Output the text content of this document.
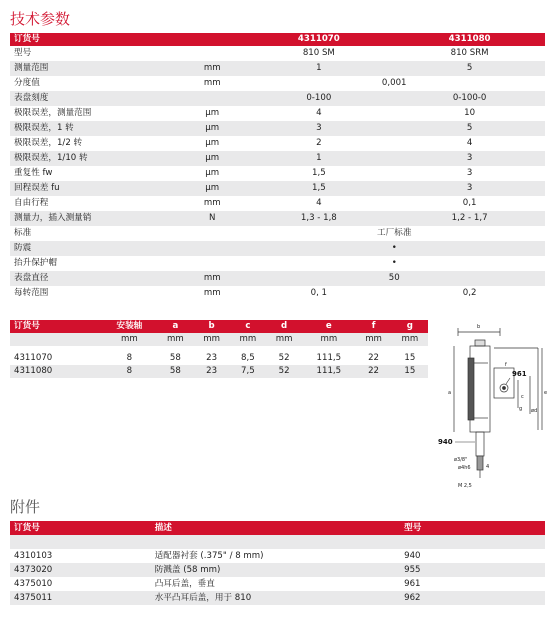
技术参数
订货号		4311070	4311080
型号		810 SM	810 SRM
测量范围	mm	1	5
分度值	mm	0,001	
表盘刻度		0-100	0-100-0
极限误差，测量范围	µm	4	10
极限误差，1 转	µm	3	5
极限误差，1/2 转	µm	2	4
极限误差，1/10 转	µm	1	3
重复性 fw	µm	1,5	3
回程误差 fu	µm	1,5	3
自由行程	mm	4	0,1
测量力，插入测量销	N	1,3 - 1,8	1,2 - 1,7
标准		工厂标准	
防震		•	
抬升保护帽		•	
表盘直径	mm	50	
每转范围	mm	0, 1	0,2
订货号	安装轴	a	b	c	d	e	f	g
	mm	mm	mm	mm	mm	mm	mm	mm

4311070	8	58	23	8,5	52	111,5	22	15
4311080	8	58	23	7,5	52	111,5	22	15
b
f
a
c
e
ød
g
ø3/8"
ø4h6	4
M 2,5
961
940
附件
订货号	描述	型号

4310103	适配器衬套 (.375" / 8 mm)	940
4373020	防溅盖 (58 mm)	955
4375010	凸耳后盖，垂直	961
4375011	水平凸耳后盖，用于 810	962
